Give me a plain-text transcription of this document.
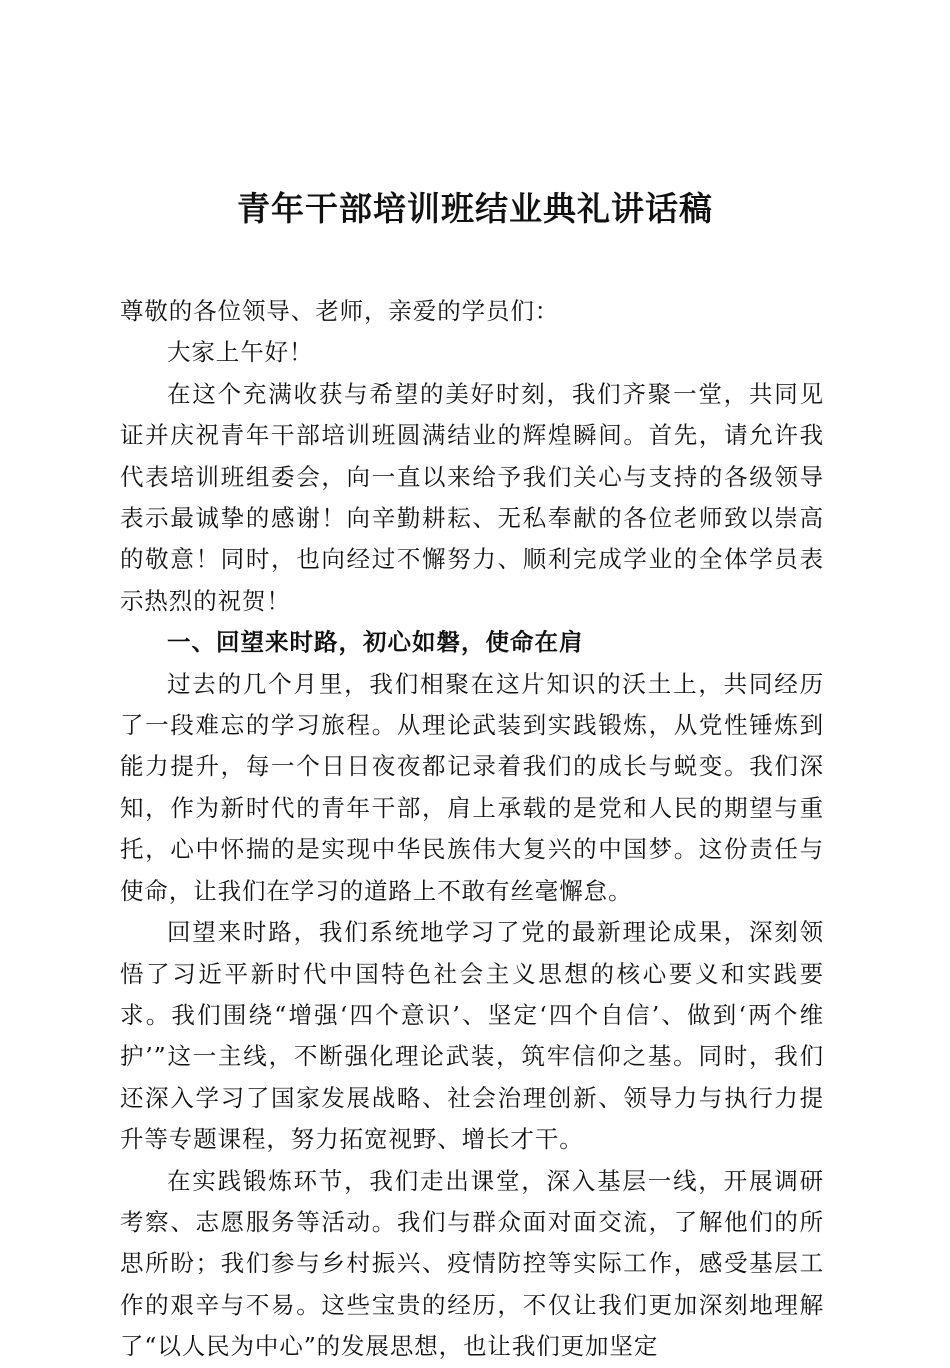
青年干部培训班结业典礼讲话稿

尊敬的各位领导、老师，亲爱的学员们：

大家上午好！

在这个充满收获与希望的美好时刻，我们齐聚一堂，共同见证并庆祝青年干部培训班圆满结业的辉煌瞬间。首先，请允许我代表培训班组委会，向一直以来给予我们关心与支持的各级领导表示最诚挚的感谢！向辛勤耕耘、无私奉献的各位老师致以崇高的敬意！同时，也向经过不懈努力、顺利完成学业的全体学员表示热烈的祝贺！

一、回望来时路，初心如磐，使命在肩

过去的几个月里，我们相聚在这片知识的沃土上，共同经历了一段难忘的学习旅程。从理论武装到实践锻炼，从党性锤炼到能力提升，每一个日日夜夜都记录着我们的成长与蜕变。我们深知，作为新时代的青年干部，肩上承载的是党和人民的期望与重托，心中怀揣的是实现中华民族伟大复兴的中国梦。这份责任与使命，让我们在学习的道路上不敢有丝毫懈怠。

回望来时路，我们系统地学习了党的最新理论成果，深刻领悟了习近平新时代中国特色社会主义思想的核心要义和实践要求。我们围绕“增强‘四个意识’、坚定‘四个自信’、做到‘两个维护’”这一主线，不断强化理论武装，筑牢信仰之基。同时，我们还深入学习了国家发展战略、社会治理创新、领导力与执行力提升等专题课程，努力拓宽视野、增长才干。

在实践锻炼环节，我们走出课堂，深入基层一线，开展调研考察、志愿服务等活动。我们与群众面对面交流，了解他们的所思所盼；我们参与乡村振兴、疫情防控等实际工作，感受基层工作的艰辛与不易。这些宝贵的经历，不仅让我们更加深刻地理解了“以人民为中心”的发展思想，也让我们更加坚定
